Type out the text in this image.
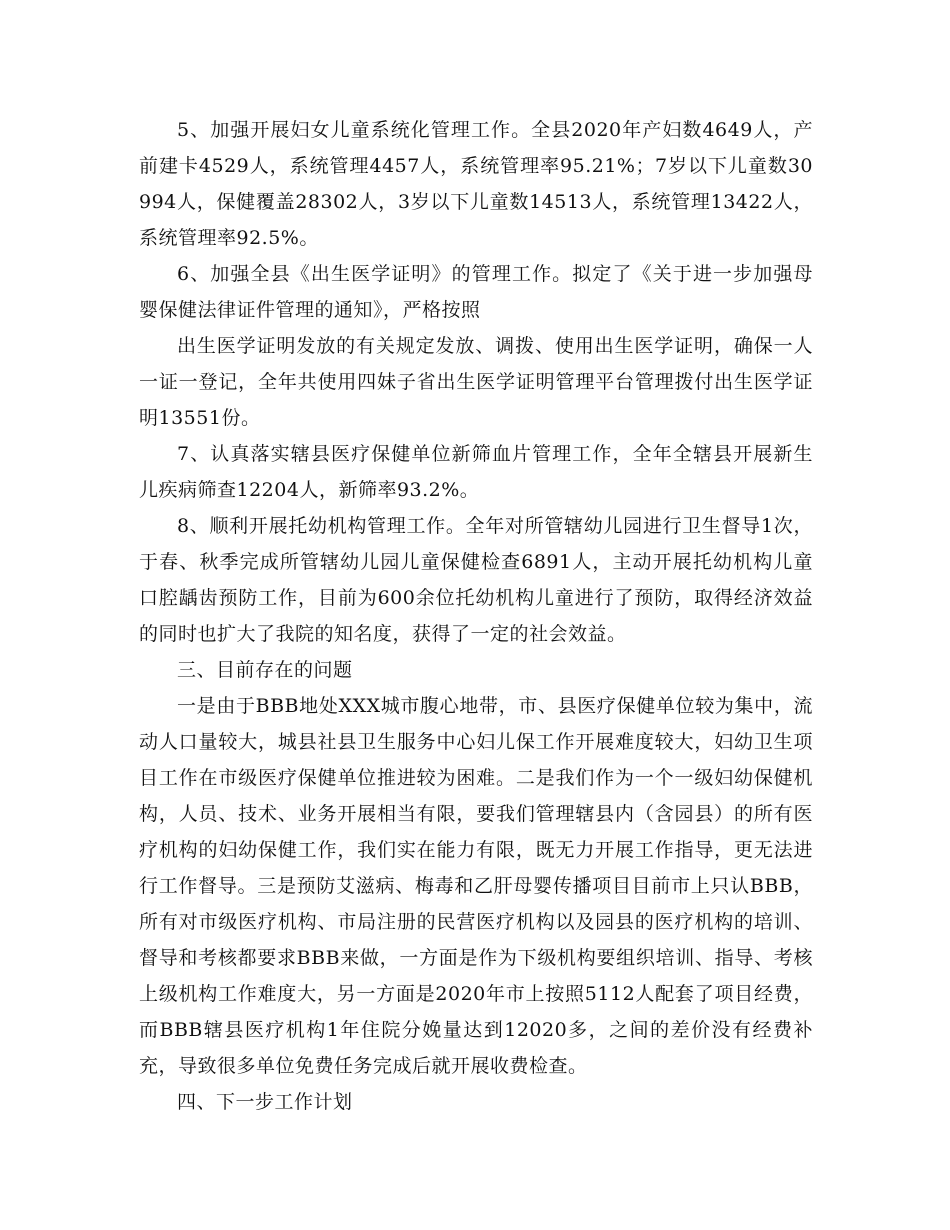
5、加强开展妇女儿童系统化管理工作。全县2020年产妇数4649人，产前建卡4529人，系统管理4457人，系统管理率95.21%；7岁以下儿童数30994人，保健覆盖28302人，3岁以下儿童数14513人，系统管理13422人，系统管理率92.5%。

6、加强全县《出生医学证明》的管理工作。拟定了《关于进一步加强母婴保健法律证件管理的通知》，严格按照

出生医学证明发放的有关规定发放、调拨、使用出生医学证明，确保一人一证一登记，全年共使用四妹子省出生医学证明管理平台管理拨付出生医学证明13551份。

7、认真落实辖县医疗保健单位新筛血片管理工作，全年全辖县开展新生儿疾病筛查12204人，新筛率93.2%。

8、顺利开展托幼机构管理工作。全年对所管辖幼儿园进行卫生督导1次，于春、秋季完成所管辖幼儿园儿童保健检查6891人，主动开展托幼机构儿童口腔龋齿预防工作，目前为600余位托幼机构儿童进行了预防，取得经济效益的同时也扩大了我院的知名度，获得了一定的社会效益。

三、目前存在的问题

一是由于BBB地处XXX城市腹心地带，市、县医疗保健单位较为集中，流动人口量较大，城县社县卫生服务中心妇儿保工作开展难度较大，妇幼卫生项目工作在市级医疗保健单位推进较为困难。二是我们作为一个一级妇幼保健机构，人员、技术、业务开展相当有限，要我们管理辖县内（含园县）的所有医疗机构的妇幼保健工作，我们实在能力有限，既无力开展工作指导，更无法进行工作督导。三是预防艾滋病、梅毒和乙肝母婴传播项目目前市上只认BBB，所有对市级医疗机构、市局注册的民营医疗机构以及园县的医疗机构的培训、督导和考核都要求BBB来做，一方面是作为下级机构要组织培训、指导、考核上级机构工作难度大，另一方面是2020年市上按照5112人配套了项目经费，而BBB辖县医疗机构1年住院分娩量达到12020多，之间的差价没有经费补充，导致很多单位免费任务完成后就开展收费检查。

四、下一步工作计划
